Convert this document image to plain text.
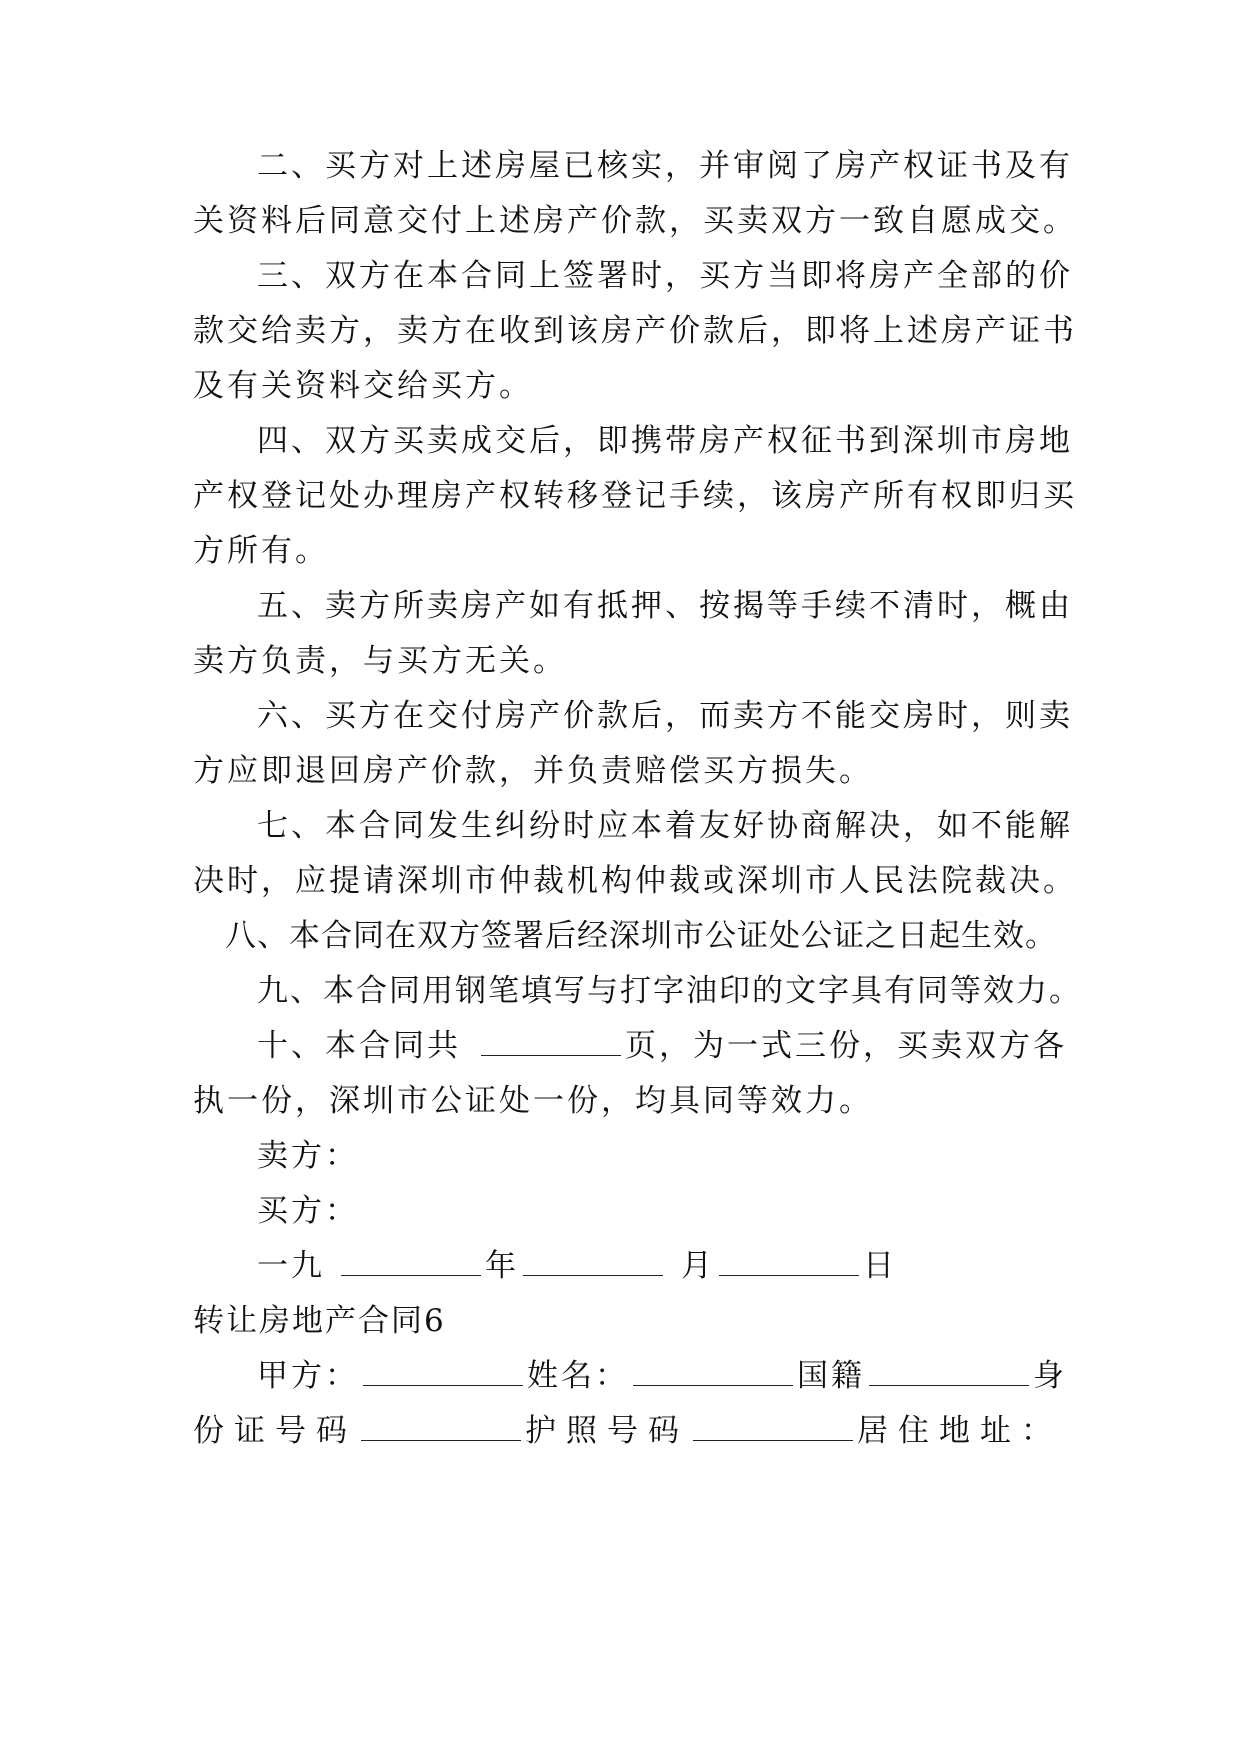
二、买方对上述房屋已核实，并审阅了房产权证书及有
关资料后同意交付上述房产价款，买卖双方一致自愿成交。
三、双方在本合同上签署时，买方当即将房产全部的价
款交给卖方，卖方在收到该房产价款后，即将上述房产证书
及有关资料交给买方。
四、双方买卖成交后，即携带房产权征书到深圳市房地
产权登记处办理房产权转移登记手续，该房产所有权即归买
方所有。
五、卖方所卖房产如有抵押、按揭等手续不清时，概由
卖方负责，与买方无关。
六、买方在交付房产价款后，而卖方不能交房时，则卖
方应即退回房产价款，并负责赔偿买方损失。
七、本合同发生纠纷时应本着友好协商解决，如不能解
决时，应提请深圳市仲裁机构仲裁或深圳市人民法院裁决。
八、本合同在双方签署后经深圳市公证处公证之日起生效。
九、本合同用钢笔填写与打字油印的文字具有同等效力。
十、本合同共	页，为一式三份，买卖双方各
执一份，深圳市公证处一份，均具同等效力。
卖方：
买方：
一九	年	月	日
转让房地产合同6
甲方：	姓名：	国籍	身
份证号码	护照号码	居住地址：
